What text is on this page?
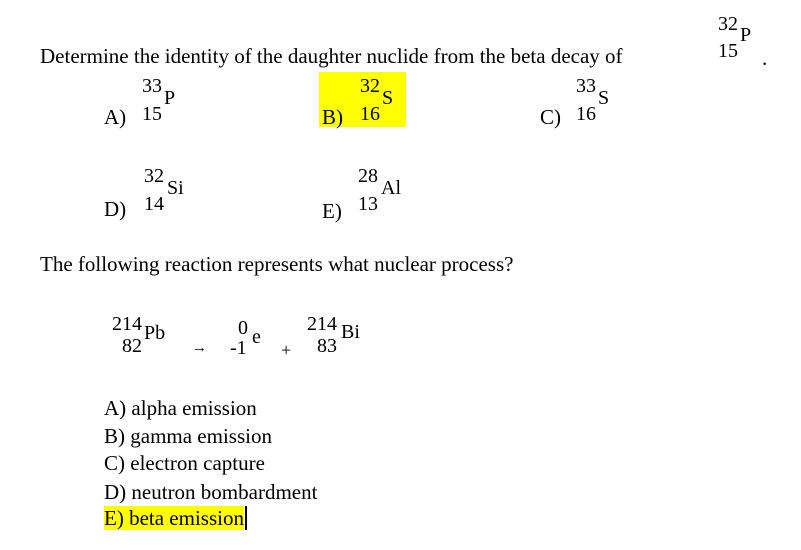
Determine the identity of the daughter nuclide from the beta decay of
32 P
15 .
A)
33
P
15	B)
32
S
16	C)
33
S
16
D)
32
Si
14	E)
28
Al
13
The following reaction represents what nuclear process?
214 Pb
82	→
0 e
-1 +
214 Bi
83
A) alpha emission
B) gamma emission
C) electron capture
D) neutron bombardment
E) beta emission
